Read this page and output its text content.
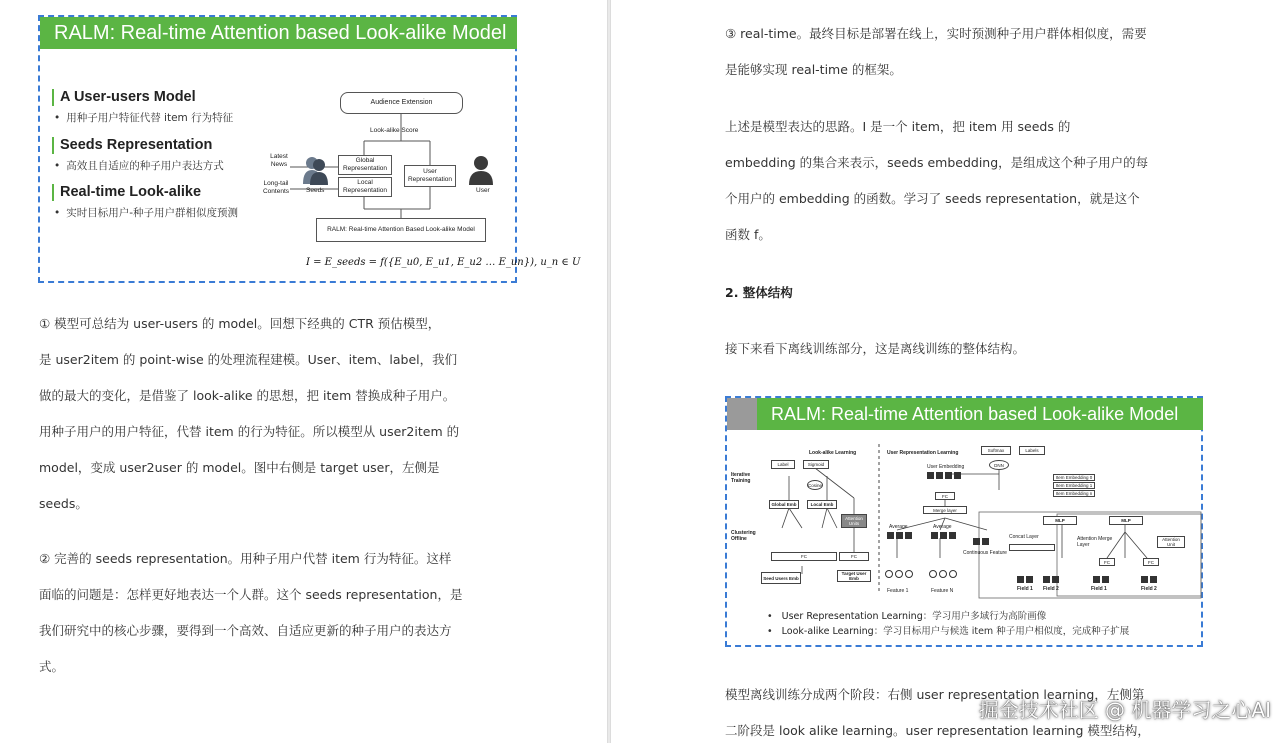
RALM: Real-time Attention based Look-alike Model
A User-users Model
• 用种子用户特征代替 item 行为特征
Seeds Representation
• 高效且自适应的种子用户表达方式
Real-time Look-alike
• 实时目标用户-种子用户群相似度预测
Audience Extension
Look-alike Score
Global Representation
Local Representation
User Representation
Latest News
Long-tail Contents	Seeds	User
RALM: Real-time Attention Based Look-alike Model
I = E_seeds = f({E_u0, E_u1, E_u2 … E_un}), u_n ∈ U
① 模型可总结为 user-users 的 model。回想下经典的 CTR 预估模型，
是 user2item 的 point-wise 的处理流程建模。User、item、label，我们
做的最大的变化，是借鉴了 look-alike 的思想，把 item 替换成种子用户。
用种子用户的用户特征，代替 item 的行为特征。所以模型从 user2item 的
model，变成 user2user 的 model。图中右侧是 target user，左侧是
seeds。
② 完善的 seeds representation。用种子用户代替 item 行为特征。这样
面临的问题是：怎样更好地表达一个人群。这个 seeds representation，是
我们研究中的核心步骤，要得到一个高效、自适应更新的种子用户的表达方
式。
③ real-time。最终目标是部署在线上，实时预测种子用户群体相似度，需要
是能够实现 real-time 的框架。
上述是模型表达的思路。I 是一个 item，把 item 用 seeds 的
embedding 的集合来表示，seeds embedding，是组成这个种子用户的每
个用户的 embedding 的函数。学习了 seeds representation，就是这个
函数 f。
2. 整体结构
接下来看下离线训练部分，这是离线训练的整体结构。
RALM: Real-time Attention based Look-alike Model
Look-alike Learning	User Representation Learning
Label	Sigmoid
Iterative Training
Cosine
Global Emb	Local Emb
Attention Units
Clustering Offline
FC	FC
Seed Users Emb
Target User Emb
Softmax	Labels
DNN
Item Embedding 0
Item Embedding 1
Item Embedding n
User Embedding
FC
Merge layer
Average	Average
Continuous Feature
Feature 1	Feature N
MLP	MLP
Concat Layer	Attention Merge Layer
Attention Unit
FC	FC
Field 1 Field 2	Field 1	Field 2
• User Representation Learning：学习用户多域行为高阶画像
• Look-alike Learning：学习目标用户与候选 item 种子用户相似度，完成种子扩展
模型离线训练分成两个阶段：右侧 user representation learning，左侧第
二阶段是 look alike learning。user representation learning 模型结构，
掘金技术社区 @ 机器学习之心AI
